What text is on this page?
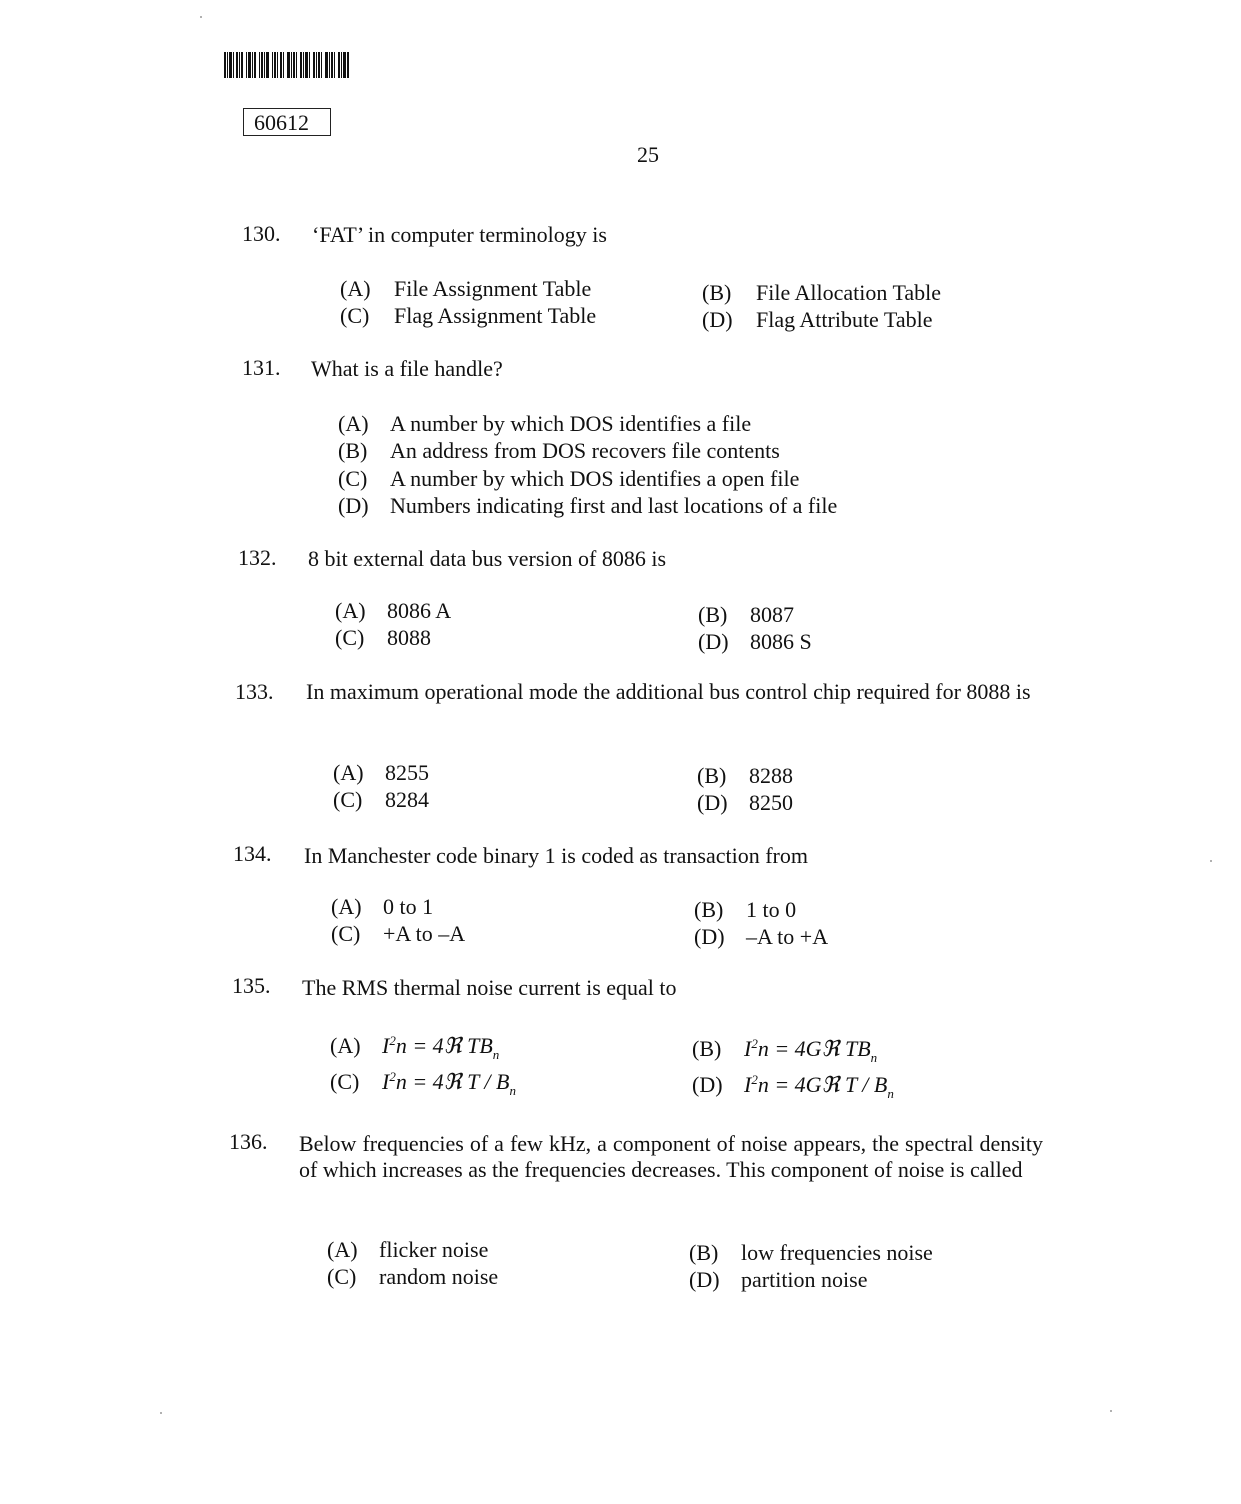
60612
25
130. ‘FAT’ in computer terminology is
(A) File Assignment Table	(B) File Allocation Table
(C) Flag Assignment Table	(D) Flag Attribute Table
131. What is a file handle?
(A) A number by which DOS identifies a file
(B) An address from DOS recovers file contents
(C) A number by which DOS identifies a open file
(D) Numbers indicating first and last locations of a file
132. 8 bit external data bus version of 8086 is
(A) 8086 A	(B) 8087
(C) 8088	(D) 8086 S
133. In maximum operational mode the additional bus control chip required for 8088 is
(A) 8255	(B) 8288
(C) 8284	(D) 8250
134. In Manchester code binary 1 is coded as transaction from
(A) 0 to 1	(B) 1 to 0
(C) +A to –A	(D) –A to +A
135. The RMS thermal noise current is equal to
(A) $I^2n$ = 4ℜ $TB_n$	(B) $I^2n$ = 4Gℜ $TB_n$
(C) $I^2n$ = 4ℜ T / $B_n$	(D) $I^2n$ = 4Gℜ T / $B_n$
136. Below frequencies of a few kHz, a component of noise appears, the spectral density of which increases as the frequencies decreases. This component of noise is called
(A) flicker noise	(B) low frequencies noise
(C) random noise	(D) partition noise
